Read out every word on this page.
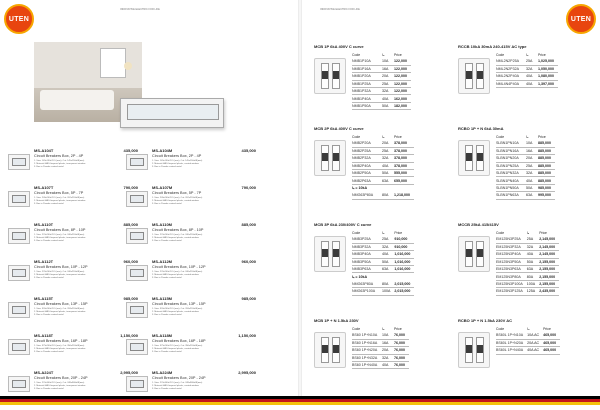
UTEN
INNOVATIVE ELECTRIC FOR LIFE
MS-A104T	435,000
Circuit Breakers Box, 2P - 4P
1. Size: 145x150x70.5 (mm), Cut: 145x150x68(mm)
2. Material: ABS fireproof plastic, transparent window
3. Box in Powder coated metal
MS-A104M	435,000
Circuit Breakers Box, 2P - 4P
1. Size: 145x150x70.5 (mm), Cut: 145x150x68(mm)
2. Material: ABS fireproof plastic, coated window
3. Box in Powder coated metal
MS-A107T	790,000
Circuit Breakers Box, 5P - 7P
1. Size: 205x200x70.5 (mm), Cut: 202x218x68(mm)
2. Material: ABS fireproof plastic, transparent window
3. Box in Powder coated metal
MS-A107M	790,000
Circuit Breakers Box, 5P - 7P
1. Size: 205x200x70.5 (mm), Cut: 202x218x68(mm)
2. Material: ABS fireproof plastic, coated window
3. Box in Powder coated metal
MS-A110T	885,000
Circuit Breakers Box, 8P - 10P
1. Size: 270x200x70.5 (mm), Cut: 246x218x68(mm)
2. Material: ABS fireproof plastic, transparent window
3. Box in Powder coated metal
MS-A110M	885,000
Circuit Breakers Box, 8P - 10P
1. Size: 270x200x70.5 (mm), Cut: 246x218x68(mm)
2. Material: ABS fireproof plastic, coated window
3. Box in Powder coated metal
MS-A112T	960,000
Circuit Breakers Box, 10P - 12P
1. Size: 276x200x70.5 (mm), Cut: 246x218x68(mm)
2. Material: ABS fireproof plastic, transparent window
3. Box in Powder coated metal
MS-A112M	960,000
Circuit Breakers Box, 10P - 12P
1. Size: 276x200x70.5 (mm), Cut: 246x218x68(mm)
2. Material: ABS fireproof plastic, coated window
3. Box in Powder coated metal
MS-A115T	985,000
Circuit Breakers Box, 13P - 15P
1. Size: 320x200x70.5 (mm), Cut: 318x218x68(mm)
2. Material: ABS fireproof plastic, transparent window
3. Box in Powder coated metal
MS-A115M	985,000
Circuit Breakers Box, 13P - 15P
1. Size: 320x200x70.5 (mm), Cut: 318x218x68(mm)
2. Material: ABS fireproof plastic, coated window
3. Box in Powder coated metal
MS-A118T	1,150,000
Circuit Breakers Box, 16P - 18P
1. Size: 375x200x70.5 (mm), Cut: 356x218x68(mm)
2. Material: ABS fireproof plastic, transparent window
3. Box in Powder coated metal
MS-A118M	1,150,000
Circuit Breakers Box, 16P - 18P
1. Size: 375x200x70.5 (mm), Cut: 356x218x68(mm)
2. Material: ABS fireproof plastic, coated window
3. Box in Powder coated metal
MS-A224T	2,995,000
Circuit Breakers Box, 20P - 24P
1. Size: 270x340x70.5 (mm), Cut: 248x368x68(mm)
2. Material: ABS fireproof plastic, transparent window
3. Box in Powder coated metal
MS-A224M	2,995,000
Circuit Breakers Box, 20P - 24P
1. Size: 270x340x70.5 (mm), Cut: 248x368x68(mm)
2. Material: ABS fireproof plastic, coated window
3. Box in Powder coated metal
INNOVATIVE ELECTRIC FOR LIFE
UTEN
MCB 1P 6kA 400V C curve
Code	Iₙ	Price
NMB1P10A	10A	122,000
NMB1P16A	16A	122,000
NMB1P20A	20A	122,000
NMB1P25A	25A	122,000
NMB1P32A	32A	122,000
NMB1P40A	40A	162,000
NMB1P50A	50A	182,000
RCCB 10kA 30mA 240-415V AC type
Code	Iₙ	Price
NML2N2P25A	25A	1,025,000
NML2N2P32A	32A	1,050,000
NML2N2P40A	40A	1,080,000
NML4N4P40A	40A	1,397,000
MCB 2P 6kA 400V C curve
Code	Iₙ	Price
NMB2P20A	20A	378,000
NMB2P25A	25A	378,000
NMB2P32A	32A	378,000
NMB2P40A	40A	378,000
NMB2P50A	50A	555,000
NMB2P63A	63A	655,000
Iₙ = 10kA		
NMG63P80A	80A	1,218,000
RCBO 1P + N 6kA 30mA
Code	Iₙ	Price
SLBN1PN10A	10A	885,000
SLBN1PN16A	16A	885,000
SLBN1PN20A	20A	885,000
SLBN1PN25A	25A	885,000
SLBN1PN32A	32A	885,000
SLBN1PN40A	40A	885,000
SLBN1PN50A	50A	985,000
SLBN1PN63A	63A	995,000
MCB 3P 6kA 230/400V C curve
Code	Iₙ	Price
NMB3P25A	25A	910,000
NMB3P32A	32A	910,000
NMB3P40A	40A	1,016,000
NMB3P50A	50A	1,016,000
NMB3P63A	63A	1,016,000
Iₙ = 10kA		
NMG63P80A	80A	2,015,000
NMG63P100A	100A	2,015,000
MCCB 25kA 415/415V
Code	Iₙ	Price
EM125N3P25A	25A	2,145,000
EM125N3P32A	32A	2,145,000
EM125N3P40A	40A	2,145,000
EM125N3P50A	50A	2,155,000
EM125N3P63A	63A	2,155,000
EM125N3P80A	80A	2,155,000
EM125N3P100A	100A	2,155,000
EM125N3P125A	125A	2,435,000
MCB 1P + N 1.5kA 230V
Code	Iₙ	Price
BS60 1P+N10A	10A	76,000
BS60 1P+N16A	16A	76,000
BS60 1P+N20A	20A	76,000
BS60 1P+N32A	32A	76,000
BS60 1P+N40A	40A	76,000
RCBO 1P + N 1.5kA 230V AC
Code	Iₙ	Price
BS60L 1P+N10A	10A AC	465,000
BS60L 1P+N20A	20A AC	465,000
BS60L 1P+N40A	40A AC	465,000
